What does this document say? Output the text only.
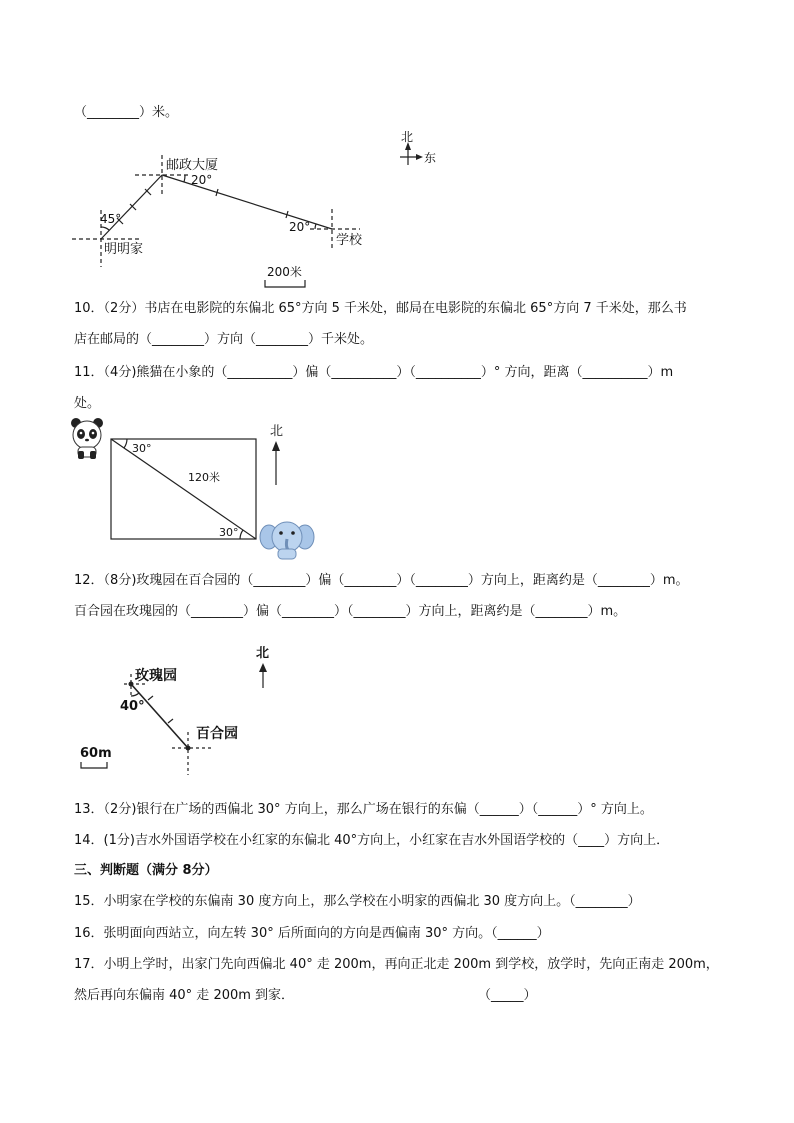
（________）米。
北
东
邮政大厦
20°
45°
明明家
20°
学校
200米
10．（2分）书店在电影院的东偏北 65°方向 5 千米处，邮局在电影院的东偏北 65°方向 7 千米处，那么书
店在邮局的（________）方向（________）千米处。
11．（4分)熊猫在小象的（__________）偏（__________）（__________）° 方向，距离（__________）m
处。
北
30°
30°
120米
12．（8分)玫瑰园在百合园的（________）偏（________）（________）方向上，距离约是（________）m。
百合园在玫瑰园的（________）偏（________）（________）方向上，距离约是（________）m。
北
玫瑰园
百合园
40°
60m
13．（2分)银行在广场的西偏北 30° 方向上，那么广场在银行的东偏（______）（______）° 方向上。
14．(1分)吉水外国语学校在小红家的东偏北 40°方向上，小红家在吉水外国语学校的（____）方向上．
三、判断题（满分 8分）
15．小明家在学校的东偏南 30 度方向上，那么学校在小明家的西偏北 30 度方向上。（________）
16．张明面向西站立，向左转 30° 后所面向的方向是西偏南 30° 方向。（______）
17．小明上学时，出家门先向西偏北 40° 走 200m，再向正北走 200m 到学校，放学时，先向正南走 200m，
然后再向东偏南 40° 走 200m 到家．	（_____）
